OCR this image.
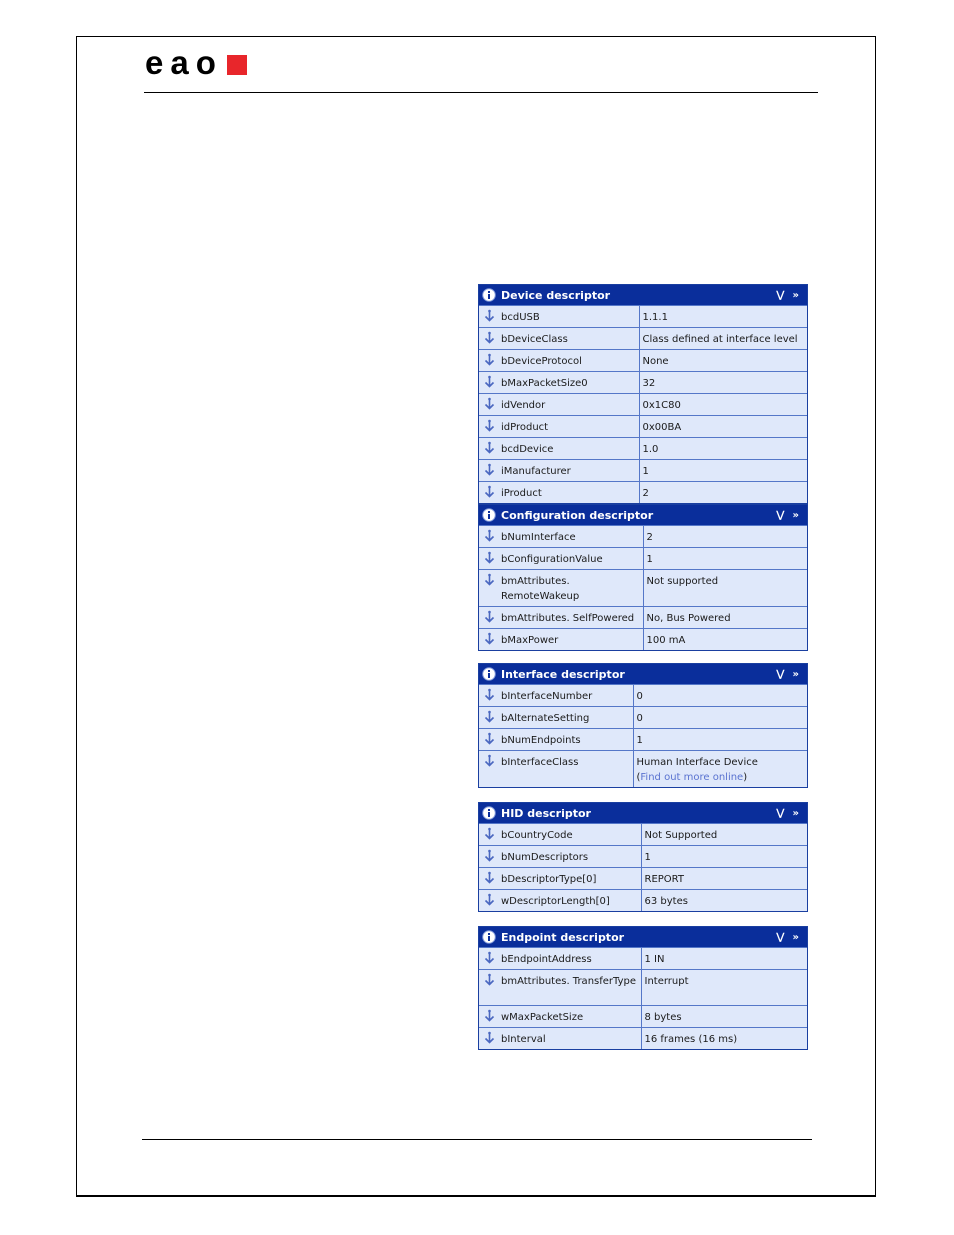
eao
Device descriptor	⋁ »
bcdUSB	1.1.1

bDeviceClass	Class defined at interface level

bDeviceProtocol	None

bMaxPacketSize0	32

idVendor	0x1C80

idProduct	0x00BA

bcdDevice	1.0

iManufacturer	1

iProduct	2
Configuration descriptor	⋁ »
bNumInterface	2

bConfigurationValue	1

bmAttributes. RemoteWakeup	Not supported

bmAttributes. SelfPowered	No, Bus Powered

bMaxPower	100 mA
Interface descriptor	⋁ »
bInterfaceNumber	0

bAlternateSetting	0

bNumEndpoints	1

bInterfaceClass	Human Interface Device
(Find out more online)
HID descriptor	⋁ »
bCountryCode	Not Supported

bNumDescriptors	1

bDescriptorType[0]	REPORT

wDescriptorLength[0]	63 bytes
Endpoint descriptor	⋁ »
bEndpointAddress	1 IN

bmAttributes. TransferType	Interrupt

wMaxPacketSize	8 bytes

bInterval	16 frames (16 ms)
